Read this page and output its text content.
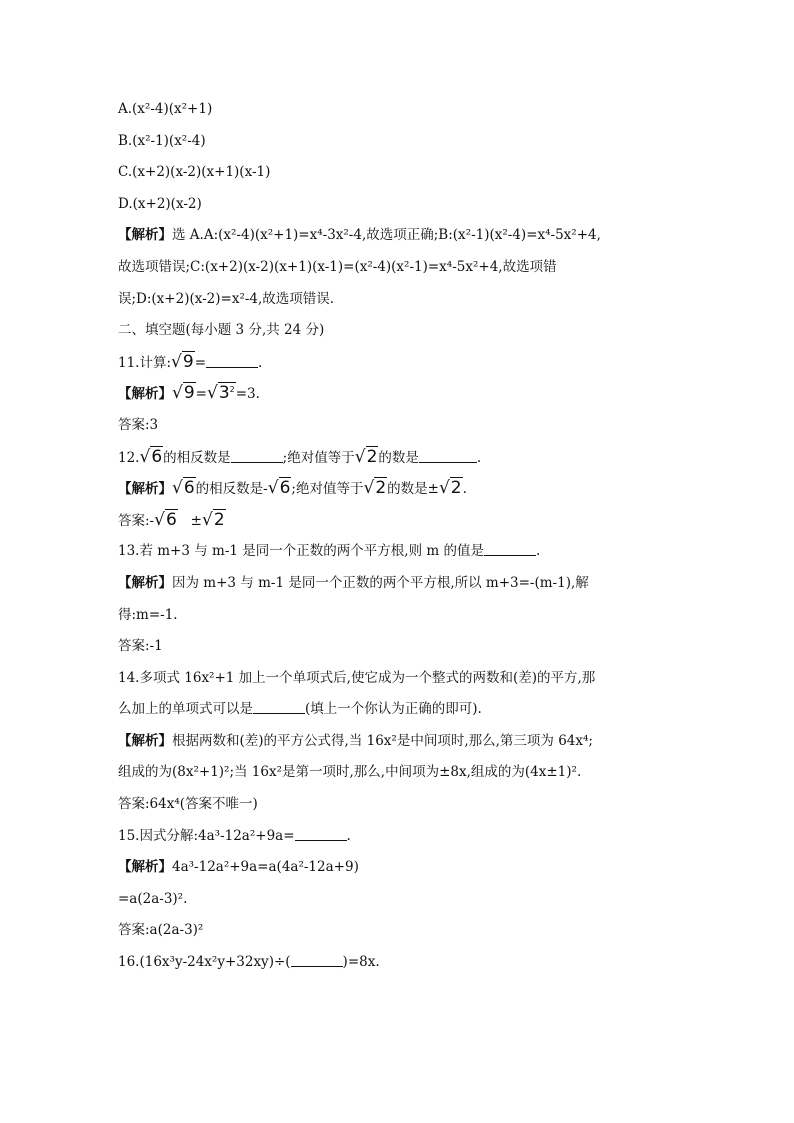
A.(x²-4)(x²+1)
B.(x²-1)(x²-4)
C.(x+2)(x-2)(x+1)(x-1)
D.(x+2)(x-2)
【解析】选 A.A:(x²-4)(x²+1)=x⁴-3x²-4,故选项正确;B:(x²-1)(x²-4)=x⁴-5x²+4,
故选项错误;C:(x+2)(x-2)(x+1)(x-1)=(x²-4)(x²-1)=x⁴-5x²+4,故选项错
误;D:(x+2)(x-2)=x²-4,故选项错误.
二、填空题(每小题 3 分,共 24 分)
11.计算:√9=	.
【解析】$√9=√3^2=3$.
答案:3
12.√6的相反数是	;绝对值等于√2的数是	.
【解析】√6的相反数是-√6;绝对值等于√2的数是±√2.
答案:-√6 ±√2
13.若 m+3 与 m-1 是同一个正数的两个平方根,则 m 的值是	.
【解析】因为 m+3 与 m-1 是同一个正数的两个平方根,所以 m+3=-(m-1),解
得:m=-1.
答案:-1
14.多项式 16x²+1 加上一个单项式后,使它成为一个整式的两数和(差)的平方,那
么加上的单项式可以是	(填上一个你认为正确的即可).
【解析】根据两数和(差)的平方公式得,当 16x²是中间项时,那么,第三项为 64x⁴;
组成的为(8x²+1)²;当 16x²是第一项时,那么,中间项为±8x,组成的为(4x±1)².
答案:64x⁴(答案不唯一)
15.因式分解:4a³-12a²+9a=	.
【解析】4a³-12a²+9a=a(4a²-12a+9)
=a(2a-3)².
答案:a(2a-3)²
16.(16x³y-24x²y+32xy)÷(	)=8x.
